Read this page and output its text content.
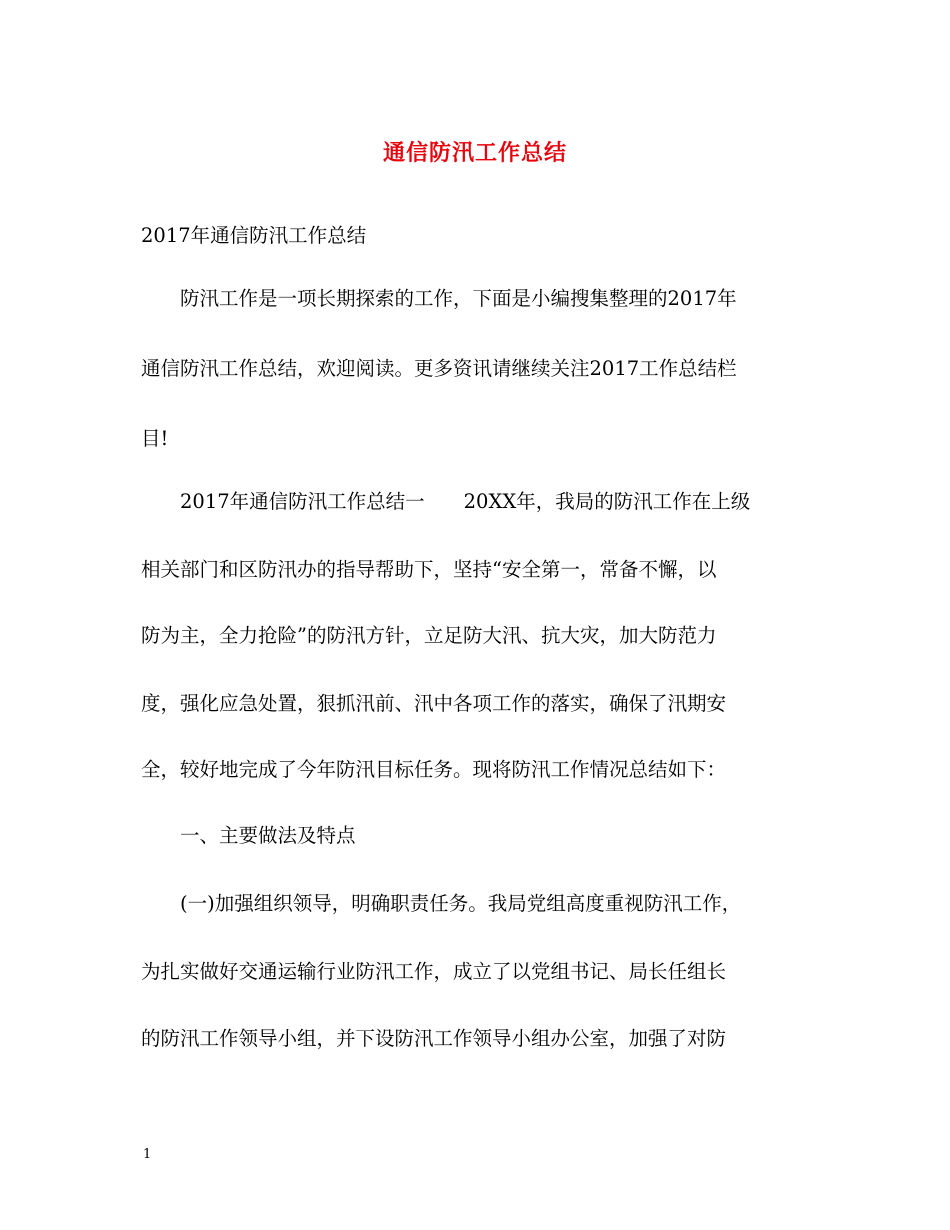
通信防汛工作总结
2017年通信防汛工作总结
防汛工作是一项长期探索的工作，下面是小编搜集整理的2017年
通信防汛工作总结，欢迎阅读。更多资讯请继续关注2017工作总结栏
目!
2017年通信防汛工作总结一　　20XX年，我局的防汛工作在上级
相关部门和区防汛办的指导帮助下，坚持“安全第一，常备不懈，以
防为主，全力抢险”的防汛方针，立足防大汛、抗大灾，加大防范力
度，强化应急处置，狠抓汛前、汛中各项工作的落实，确保了汛期安
全，较好地完成了今年防汛目标任务。现将防汛工作情况总结如下：
一、主要做法及特点
(一)加强组织领导，明确职责任务。我局党组高度重视防汛工作，
为扎实做好交通运输行业防汛工作，成立了以党组书记、局长任组长
的防汛工作领导小组，并下设防汛工作领导小组办公室，加强了对防
1
